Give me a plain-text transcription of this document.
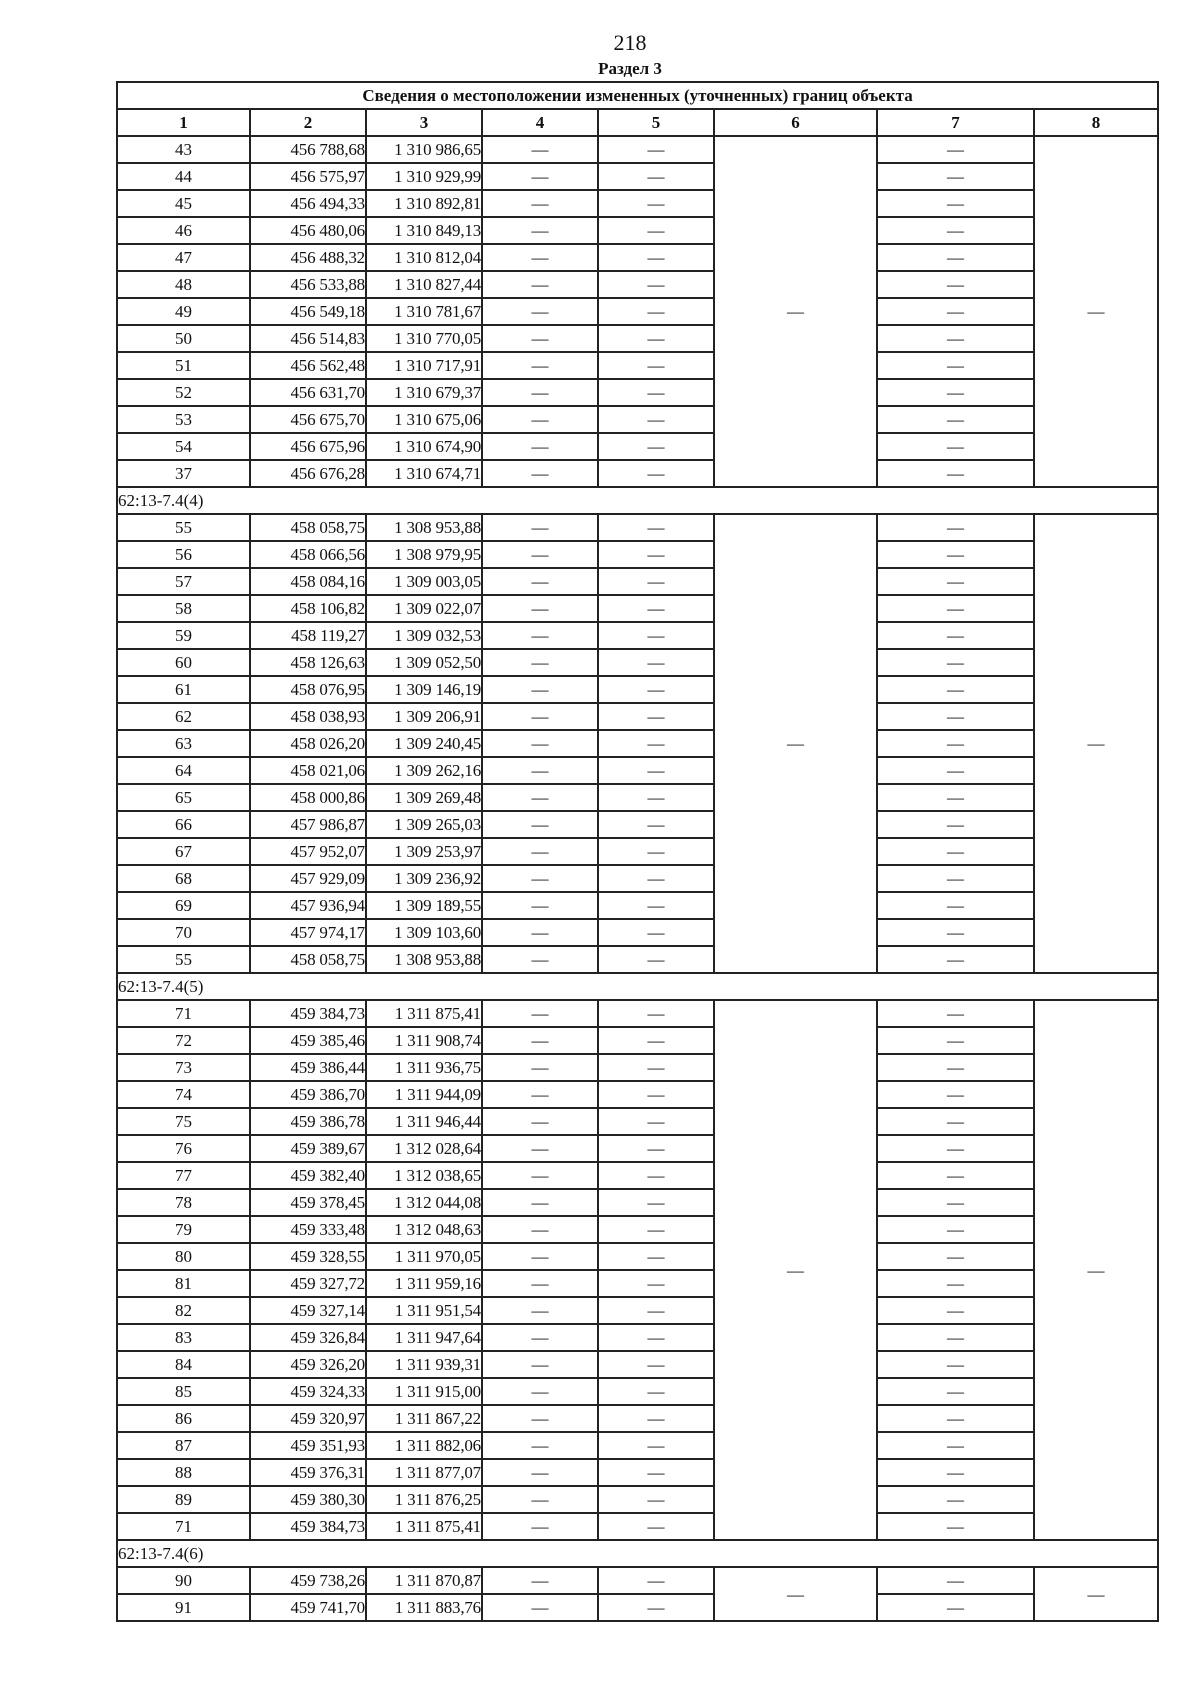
218
Раздел 3
Сведения о местоположении измененных (уточненных) границ объекта							
1	2	3	4	5	6	7	8
43	456 788,68	1 310 986,65	—	—	—	—	—
44	456 575,97	1 310 929,99	—	—		—	
45	456 494,33	1 310 892,81	—	—		—	
46	456 480,06	1 310 849,13	—	—		—	
47	456 488,32	1 310 812,04	—	—		—	
48	456 533,88	1 310 827,44	—	—		—	
49	456 549,18	1 310 781,67	—	—		—	
50	456 514,83	1 310 770,05	—	—		—	
51	456 562,48	1 310 717,91	—	—		—	
52	456 631,70	1 310 679,37	—	—		—	
53	456 675,70	1 310 675,06	—	—		—	
54	456 675,96	1 310 674,90	—	—		—	
37	456 676,28	1 310 674,71	—	—		—	
62:13-7.4(4)							
55	458 058,75	1 308 953,88	—	—	—	—	—
56	458 066,56	1 308 979,95	—	—		—	
57	458 084,16	1 309 003,05	—	—		—	
58	458 106,82	1 309 022,07	—	—		—	
59	458 119,27	1 309 032,53	—	—		—	
60	458 126,63	1 309 052,50	—	—		—	
61	458 076,95	1 309 146,19	—	—		—	
62	458 038,93	1 309 206,91	—	—		—	
63	458 026,20	1 309 240,45	—	—		—	
64	458 021,06	1 309 262,16	—	—		—	
65	458 000,86	1 309 269,48	—	—		—	
66	457 986,87	1 309 265,03	—	—		—	
67	457 952,07	1 309 253,97	—	—		—	
68	457 929,09	1 309 236,92	—	—		—	
69	457 936,94	1 309 189,55	—	—		—	
70	457 974,17	1 309 103,60	—	—		—	
55	458 058,75	1 308 953,88	—	—		—	
62:13-7.4(5)							
71	459 384,73	1 311 875,41	—	—	—	—	—
72	459 385,46	1 311 908,74	—	—		—	
73	459 386,44	1 311 936,75	—	—		—	
74	459 386,70	1 311 944,09	—	—		—	
75	459 386,78	1 311 946,44	—	—		—	
76	459 389,67	1 312 028,64	—	—		—	
77	459 382,40	1 312 038,65	—	—		—	
78	459 378,45	1 312 044,08	—	—		—	
79	459 333,48	1 312 048,63	—	—		—	
80	459 328,55	1 311 970,05	—	—		—	
81	459 327,72	1 311 959,16	—	—		—	
82	459 327,14	1 311 951,54	—	—		—	
83	459 326,84	1 311 947,64	—	—		—	
84	459 326,20	1 311 939,31	—	—		—	
85	459 324,33	1 311 915,00	—	—		—	
86	459 320,97	1 311 867,22	—	—		—	
87	459 351,93	1 311 882,06	—	—		—	
88	459 376,31	1 311 877,07	—	—		—	
89	459 380,30	1 311 876,25	—	—		—	
71	459 384,73	1 311 875,41	—	—		—	
62:13-7.4(6)							
90	459 738,26	1 311 870,87	—	—	—	—	—
91	459 741,70	1 311 883,76	—	—		—	
